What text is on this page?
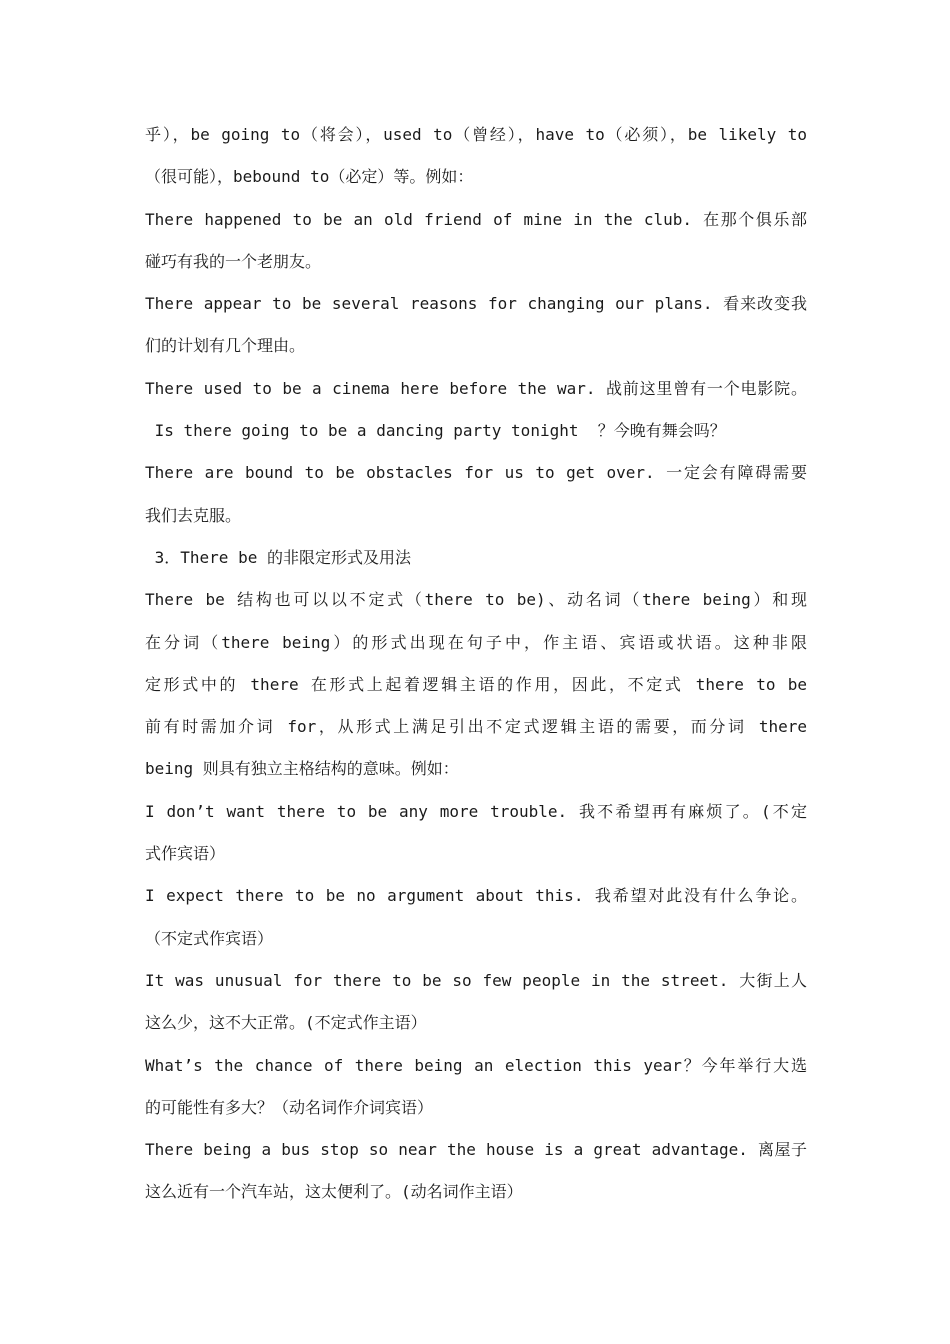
乎），be going to（将会），used to（曾经），have to（必须），be likely to
（很可能），bebound to（必定）等。例如：
There happened to be an old friend of mine in the club. 在那个俱乐部
碰巧有我的一个老朋友。
There appear to be several reasons for changing our plans. 看来改变我
们的计划有几个理由。
There used to be a cinema here before the war. 战前这里曾有一个电影院。
Is there going to be a dancing party tonight  ？今晚有舞会吗？
There are bound to be obstacles for us to get over. 一定会有障碍需要
我们去克服。
3．There be 的非限定形式及用法
There be 结构也可以以不定式（there to be)、动名词（there being）和现
在分词（there being）的形式出现在句子中，作主语、宾语或状语。这种非限
定形式中的 there 在形式上起着逻辑主语的作用，因此，不定式 there to be
前有时需加介词 for，从形式上满足引出不定式逻辑主语的需要，而分词 there
being 则具有独立主格结构的意味。例如：
I don’t want there to be any more trouble. 我不希望再有麻烦了。(不定
式作宾语）
I expect there to be no argument about this. 我希望对此没有什么争论。
（不定式作宾语）
It was unusual for there to be so few people in the street. 大街上人
这么少，这不大正常。(不定式作主语）
What’s the chance of there being an election this year？今年举行大选
的可能性有多大？（动名词作介词宾语）
There being a bus stop so near the house is a great advantage. 离屋子
这么近有一个汽车站，这太便利了。(动名词作主语）
